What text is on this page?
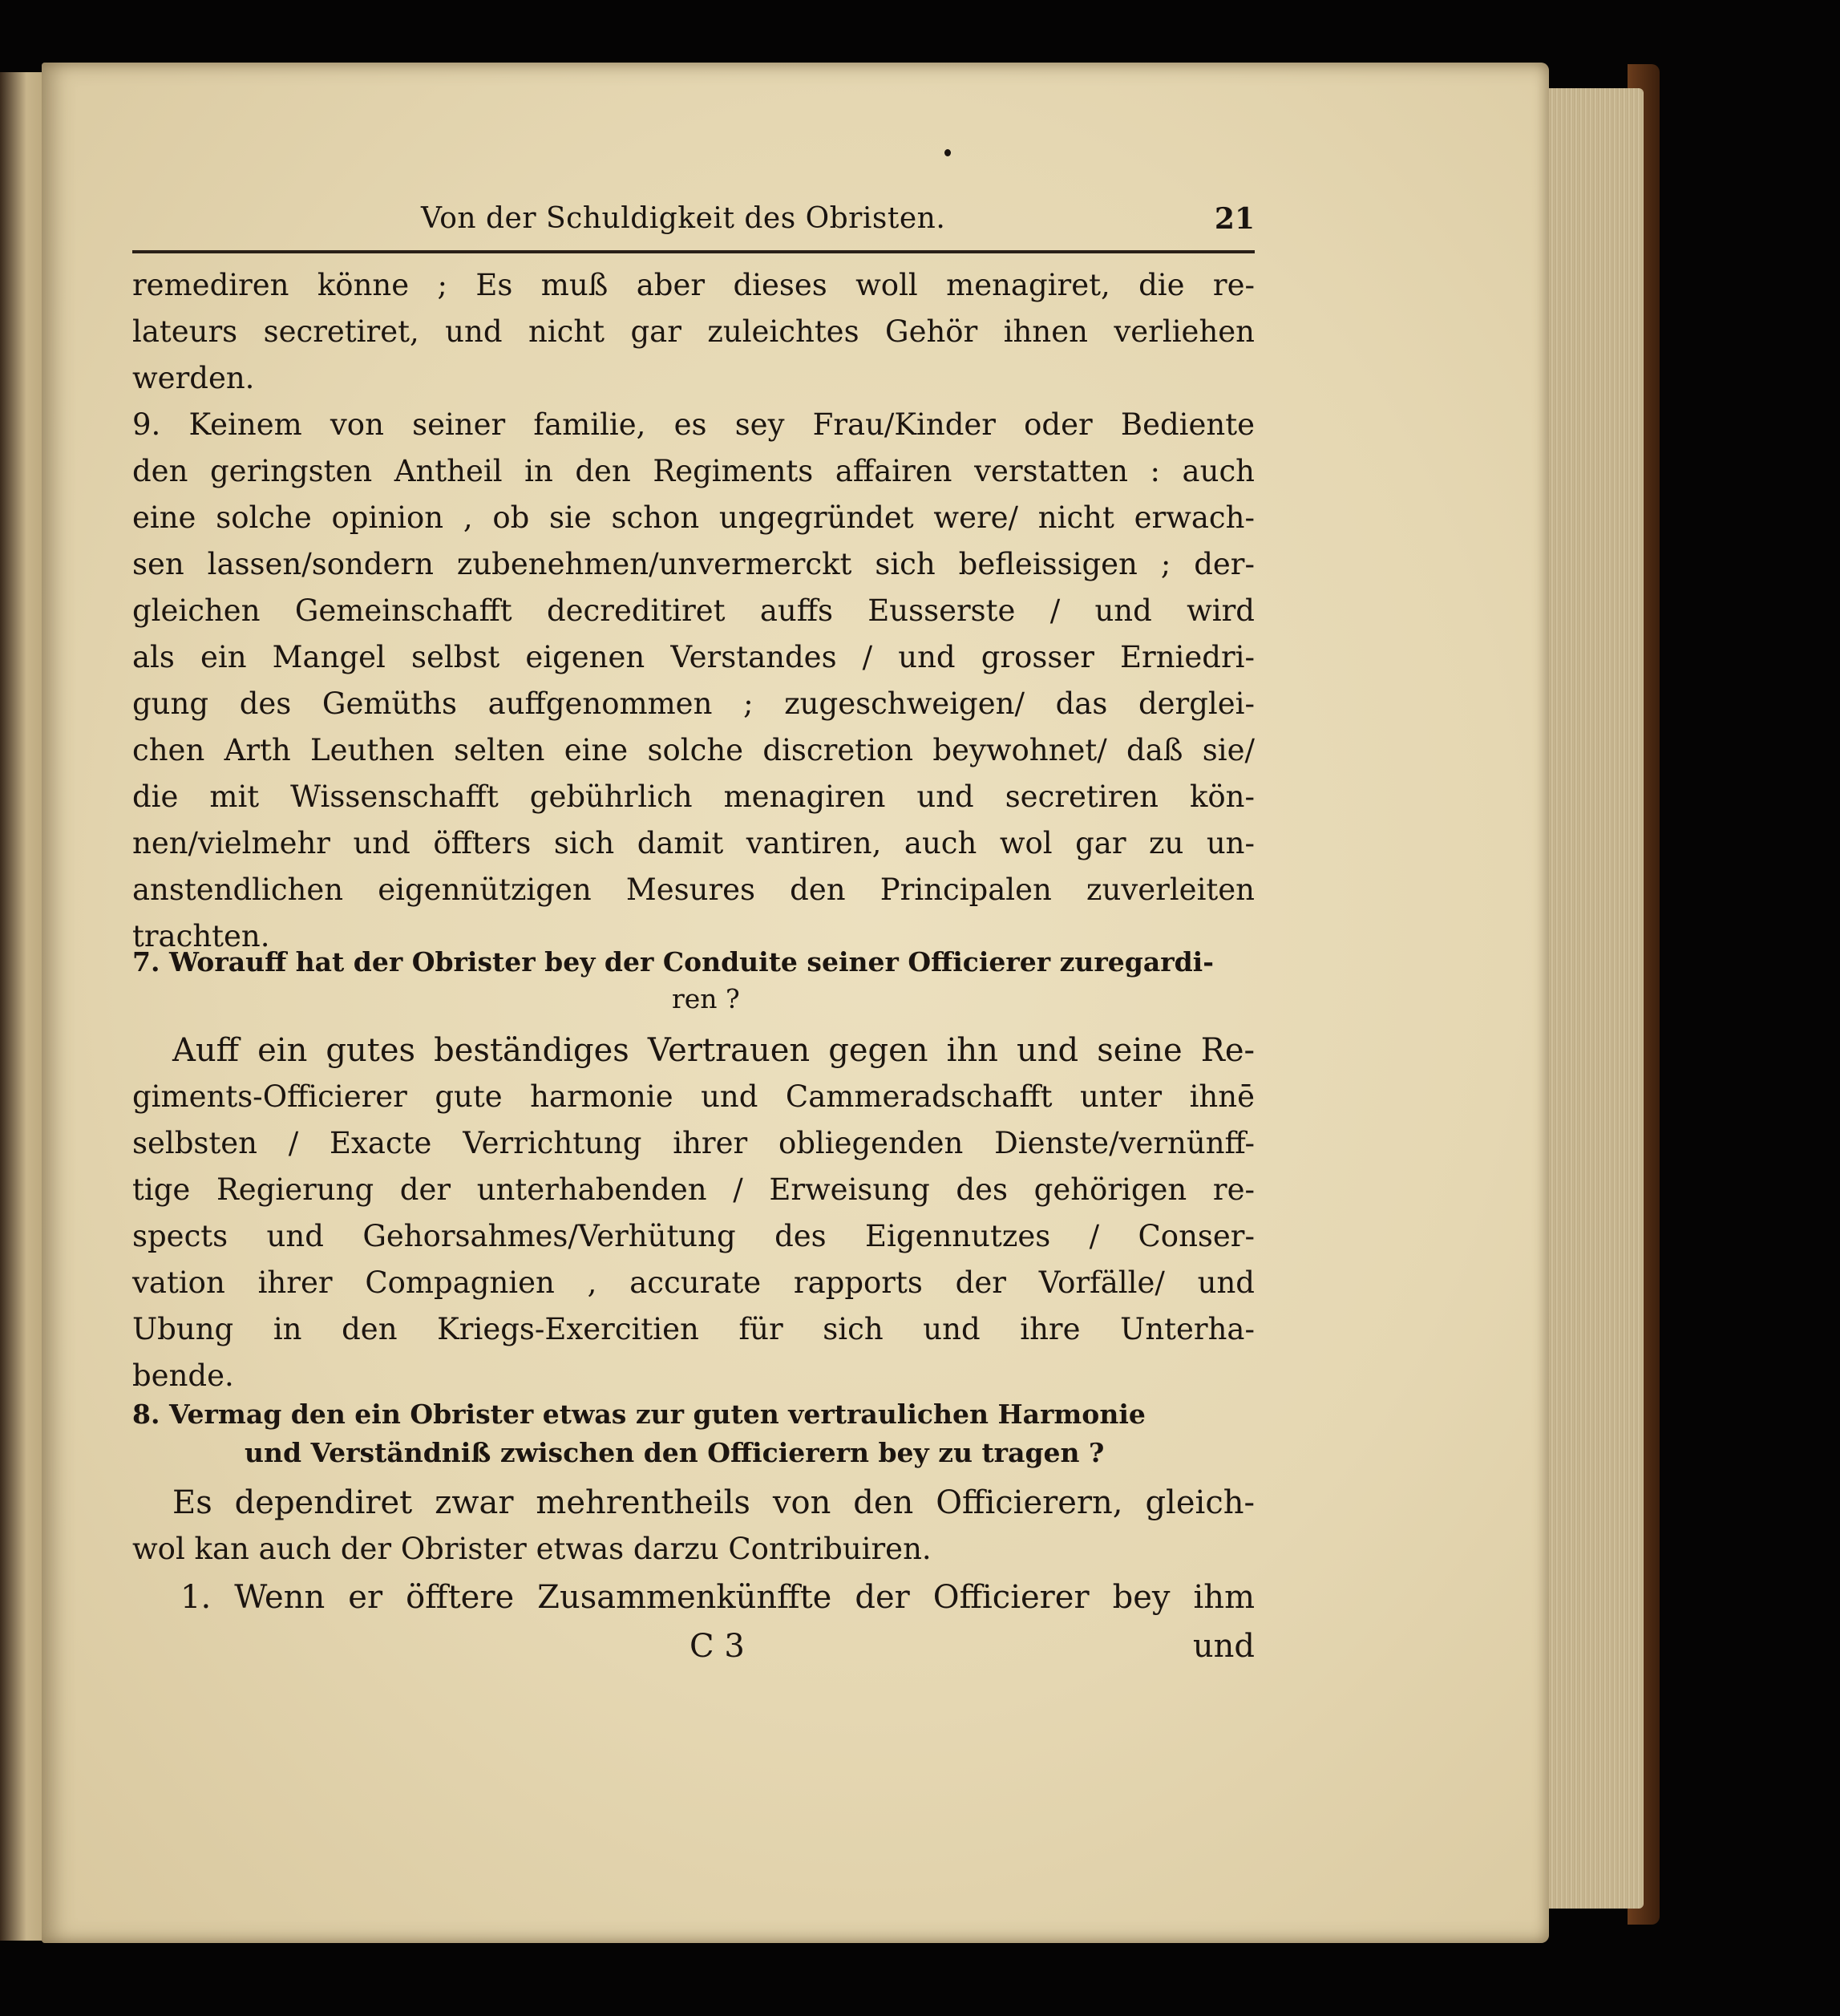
Von der Schuldigkeit des Obristen.	21
remediren könne ; Es muß aber dieses woll menagiret, die re-
lateurs secretiret, und nicht gar zuleichtes Gehör ihnen verliehen
werden.
9. Keinem von seiner familie, es sey Frau/Kinder oder Bediente
den geringsten Antheil in den Regiments affairen verstatten : auch
eine solche opinion , ob sie schon ungegründet were/ nicht erwach-
sen lassen/sondern zubenehmen/unvermerckt sich befleissigen ; der-
gleichen Gemeinschafft decreditiret auffs Eusserste / und wird
als ein Mangel selbst eigenen Verstandes / und grosser Erniedri-
gung des Gemüths auffgenommen ; zugeschweigen/ das derglei-
chen Arth Leuthen selten eine solche discretion beywohnet/ daß sie/
die mit Wissenschafft gebührlich menagiren und secretiren kön-
nen/vielmehr und öffters sich damit vantiren, auch wol gar zu un-
anstendlichen eigennützigen Mesures den Principalen zuverleiten
trachten.
7. Worauff hat der Obrister bey der Conduite seiner Officierer zuregardi-
ren ?
Auff ein gutes beständiges Vertrauen gegen ihn und seine Re-
giments-Officierer gute harmonie und Cammeradschafft unter ihnē
selbsten / Exacte Verrichtung ihrer obliegenden Dienste/vernünff-
tige Regierung der unterhabenden / Erweisung des gehörigen re-
spects und Gehorsahmes/Verhütung des Eigennutzes / Conser-
vation ihrer Compagnien , accurate rapports der Vorfälle/ und
Ubung in den Kriegs-Exercitien für sich und ihre Unterha-
bende.
8. Vermag den ein Obrister etwas zur guten vertraulichen Harmonie
und Verständniß zwischen den Officierern bey zu tragen ?
Es dependiret zwar mehrentheils von den Officierern, gleich-
wol kan auch der Obrister etwas darzu Contribuiren.
1. Wenn er öfftere Zusammenkünffte der Officierer bey ihm
C 3	und
